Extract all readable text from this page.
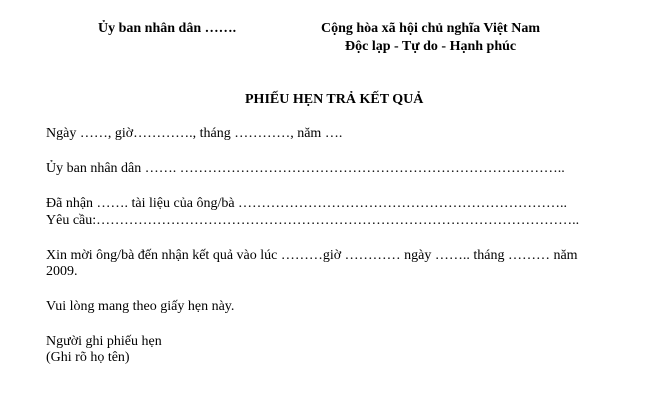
Ủy ban nhân dân …….	Cộng hòa xã hội chủ nghĩa Việt Nam
Độc lạp - Tự do - Hạnh phúc
PHIẾU HẸN TRẢ KẾT QUẢ
Ngày ……, giờ…………., tháng …………, năm ….
Ủy ban nhân dân ……. ………………………………………………………………………..
Đã nhận ……. tài liệu của ông/bà ……………………………………………………………..
Yêu cầu:…………………………………………………………………………………………..
Xin mời ông/bà đến nhận kết quả vào lúc ………giờ ………… ngày …….. tháng ……… năm
2009.
Vui lòng mang theo giấy hẹn này.
Người ghi phiếu hẹn
(Ghi rõ họ tên)
